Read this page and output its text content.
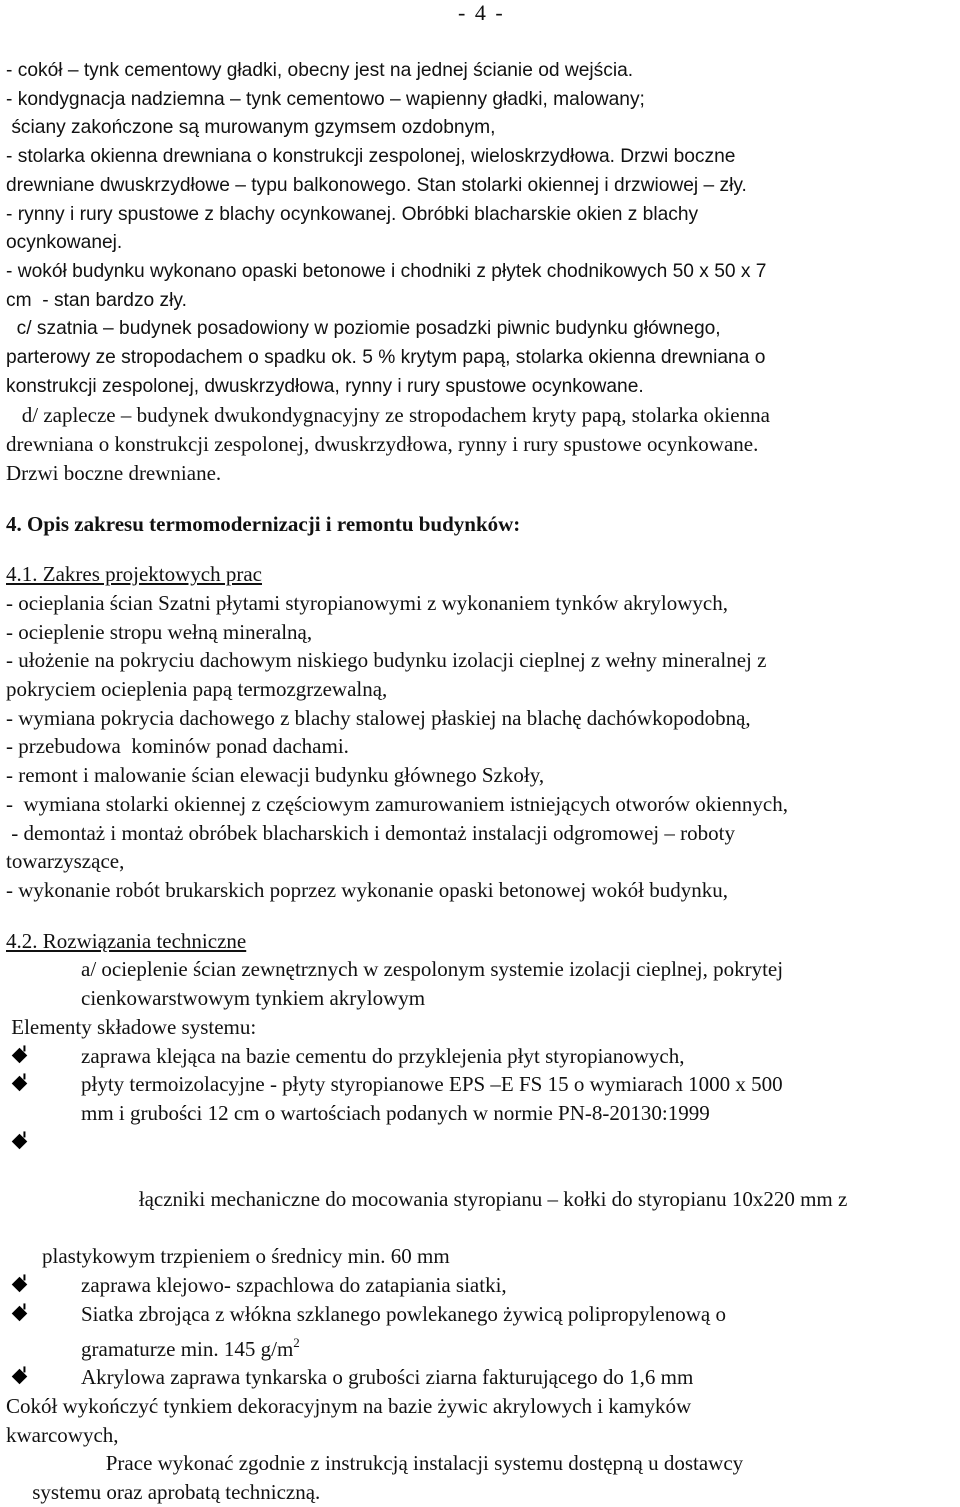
- 4 -
- cokół – tynk cementowy gładki, obecny jest na jednej ścianie od wejścia.
- kondygnacja nadziemna – tynk cementowo – wapienny gładki, malowany;
ściany zakończone są murowanym gzymsem ozdobnym,
- stolarka okienna drewniana o konstrukcji zespolonej, wieloskrzydłowa. Drzwi boczne
drewniane dwuskrzydłowe – typu balkonowego. Stan stolarki okiennej i drzwiowej – zły.
- rynny i rury spustowe z blachy ocynkowanej. Obróbki blacharskie okien z blachy
ocynkowanej.
- wokół budynku wykonano opaski betonowe i chodniki z płytek chodnikowych 50 x 50 x 7
cm  - stan bardzo zły.
c/ szatnia – budynek posadowiony w poziomie posadzki piwnic budynku głównego,
parterowy ze stropodachem o spadku ok. 5 % krytym papą, stolarka okienna drewniana o
konstrukcji zespolonej, dwuskrzydłowa, rynny i rury spustowe ocynkowane.
d/ zaplecze – budynek dwukondygnacyjny ze stropodachem kryty papą, stolarka okienna
drewniana o konstrukcji zespolonej, dwuskrzydłowa, rynny i rury spustowe ocynkowane.
Drzwi boczne drewniane.
4. Opis zakresu termomodernizacji i remontu budynków:
4.1. Zakres projektowych prac
- ocieplania ścian Szatni płytami styropianowymi z wykonaniem tynków akrylowych,
- ocieplenie stropu wełną mineralną,
- ułożenie na pokryciu dachowym niskiego budynku izolacji cieplnej z wełny mineralnej z
pokryciem ocieplenia papą termozgrzewalną,
- wymiana pokrycia dachowego z blachy stalowej płaskiej na blachę dachówkopodobną,
- przebudowa  kominów ponad dachami.
- remont i malowanie ścian elewacji budynku głównego Szkoły,
-  wymiana stolarki okiennej z częściowym zamurowaniem istniejących otworów okiennych,
- demontaż i montaż obróbek blacharskich i demontaż instalacji odgromowej – roboty
towarzyszące,
- wykonanie robót brukarskich poprzez wykonanie opaski betonowej wokół budynku,
4.2. Rozwiązania techniczne
a/ ocieplenie ścian zewnętrznych w zespolonym systemie izolacji cieplnej, pokrytej
cienkowarstwowym tynkiem akrylowym
Elementy składowe systemu:
zaprawa klejąca na bazie cementu do przyklejenia płyt styropianowych,
płyty termoizolacyjne - płyty styropianowe EPS –E FS 15 o wymiarach 1000 x 500
mm i grubości 12 cm o wartościach podanych w normie PN-8-20130:1999

łączniki mechaniczne do mocowania styropianu – kołki do styropianu 10x220 mm z

plastykowym trzpieniem o średnicy min. 60 mm
zaprawa klejowo- szpachlowa do zatapiania siatki,
Siatka zbrojąca z włókna szklanego powlekanego żywicą polipropylenową o
gramaturze min. 145 $g/m^2$
Akrylowa zaprawa tynkarska o grubości ziarna fakturującego do 1,6 mm
Cokół wykończyć tynkiem dekoracyjnym na bazie żywic akrylowych i kamyków
kwarcowych,
Prace wykonać zgodnie z instrukcją instalacji systemu dostępną u dostawcy
systemu oraz aprobatą techniczną.
